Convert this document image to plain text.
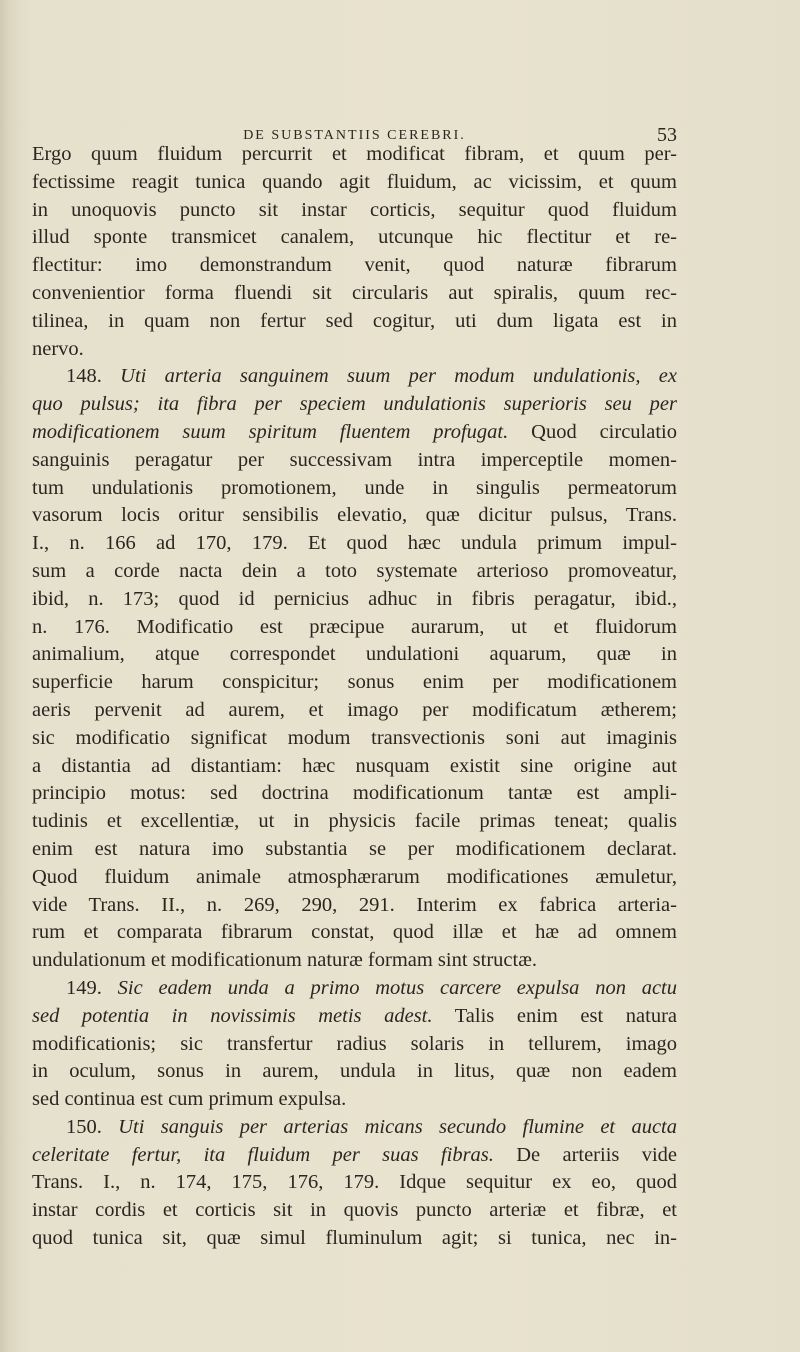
DE SUBSTANTIIS CEREBRI.	53
Ergo quum fluidum percurrit et modificat fibram, et quum per-
fectissime reagit tunica quando agit fluidum, ac vicissim, et quum
in unoquovis puncto sit instar corticis, sequitur quod fluidum
illud sponte transmicet canalem, utcunque hic flectitur et re-
flectitur: imo demonstrandum venit, quod naturæ fibrarum
convenientior forma fluendi sit circularis aut spiralis, quum rec-
tilinea, in quam non fertur sed cogitur, uti dum ligata est in
nervo.
148. Uti arteria sanguinem suum per modum undulationis, ex
quo pulsus; ita fibra per speciem undulationis superioris seu per
modificationem suum spiritum fluentem profugat. Quod circulatio
sanguinis peragatur per successivam intra imperceptile momen-
tum undulationis promotionem, unde in singulis permeatorum
vasorum locis oritur sensibilis elevatio, quæ dicitur pulsus, Trans.
I., n. 166 ad 170, 179. Et quod hæc undula primum impul-
sum a corde nacta dein a toto systemate arterioso promoveatur,
ibid, n. 173; quod id pernicius adhuc in fibris peragatur, ibid.,
n. 176. Modificatio est præcipue aurarum, ut et fluidorum
animalium, atque correspondet undulationi aquarum, quæ in
superficie harum conspicitur; sonus enim per modificationem
aeris pervenit ad aurem, et imago per modificatum ætherem;
sic modificatio significat modum transvectionis soni aut imaginis
a distantia ad distantiam: hæc nusquam existit sine origine aut
principio motus: sed doctrina modificationum tantæ est ampli-
tudinis et excellentiæ, ut in physicis facile primas teneat; qualis
enim est natura imo substantia se per modificationem declarat.
Quod fluidum animale atmosphærarum modificationes æmuletur,
vide Trans. II., n. 269, 290, 291. Interim ex fabrica arteria-
rum et comparata fibrarum constat, quod illæ et hæ ad omnem
undulationum et modificationum naturæ formam sint structæ.
149. Sic eadem unda a primo motus carcere expulsa non actu
sed potentia in novissimis metis adest. Talis enim est natura
modificationis; sic transfertur radius solaris in tellurem, imago
in oculum, sonus in aurem, undula in litus, quæ non eadem
sed continua est cum primum expulsa.
150. Uti sanguis per arterias micans secundo flumine et aucta
celeritate fertur, ita fluidum per suas fibras. De arteriis vide
Trans. I., n. 174, 175, 176, 179. Idque sequitur ex eo, quod
instar cordis et corticis sit in quovis puncto arteriæ et fibræ, et
quod tunica sit, quæ simul fluminulum agit; si tunica, nec in-
